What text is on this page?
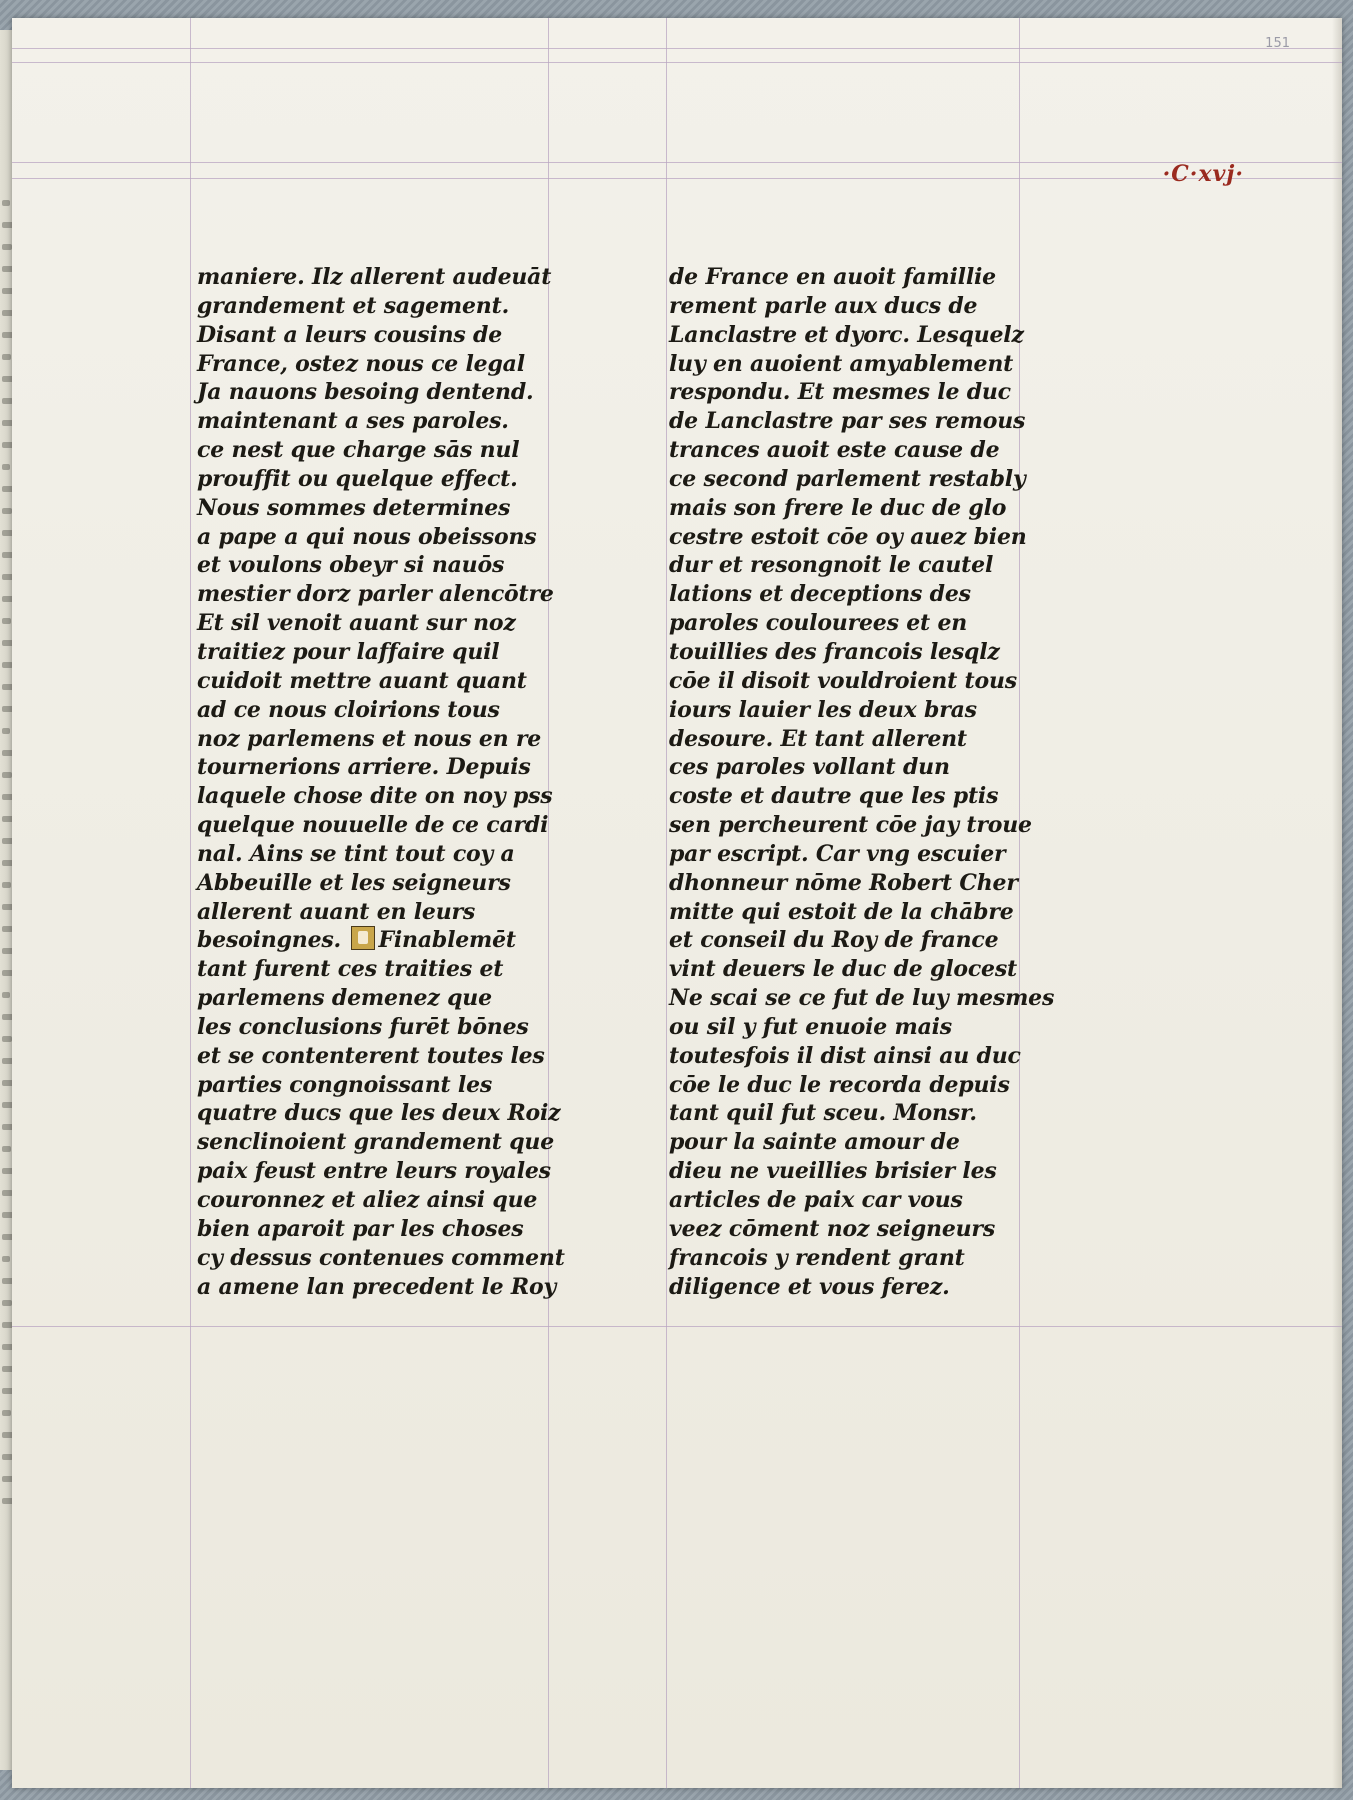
151
·C·xvj·
maniere. Ilz allerent audeuāt
grandement et sagement.
Disant a leurs cousins de
France, ostez nous ce legal
Ja nauons besoing dentend.
maintenant a ses paroles.
ce nest que charge sās nul
prouffit ou quelque effect.
Nous sommes determines
a pape a qui nous obeissons
et voulons obeyr si nauōs
mestier dorz parler alencōtre
Et sil venoit auant sur noz
traitiez pour laffaire quil
cuidoit mettre auant quant
ad ce nous cloirions tous
noz parlemens et nous en re
tournerions arriere. Depuis
laquele chose dite on noy pss
quelque nouuelle de ce cardi
nal. Ains se tint tout coy a
Abbeuille et les seigneurs
allerent auant en leurs
besoingnes. Finablemēt
tant furent ces traities et
parlemens demenez que
les conclusions furēt bōnes
et se contenterent toutes les
parties congnoissant les
quatre ducs que les deux Roiz
senclinoient grandement que
paix feust entre leurs royales
couronnez et aliez ainsi que
bien aparoit par les choses
cy dessus contenues comment
a amene lan precedent le Roy
de France en auoit famillie
rement parle aux ducs de
Lanclastre et dyorc. Lesquelz
luy en auoient amyablement
respondu. Et mesmes le duc
de Lanclastre par ses remous
trances auoit este cause de
ce second parlement restably
mais son frere le duc de glo
cestre estoit cōe oy auez bien
dur et resongnoit le cautel
lations et deceptions des
paroles coulourees et en
touillies des francois lesqlz
cōe il disoit vouldroient tous
iours lauier les deux bras
desoure. Et tant allerent
ces paroles vollant dun
coste et dautre que les ptis
sen percheurent cōe jay troue
par escript. Car vng escuier
dhonneur nōme Robert Cher
mitte qui estoit de la chābre
et conseil du Roy de france
vint deuers le duc de glocest
Ne scai se ce fut de luy mesmes
ou sil y fut enuoie mais
toutesfois il dist ainsi au duc
cōe le duc le recorda depuis
tant quil fut sceu. Monsr.
pour la sainte amour de
dieu ne vueillies brisier les
articles de paix car vous
veez cōment noz seigneurs
francois y rendent grant
diligence et vous ferez.
